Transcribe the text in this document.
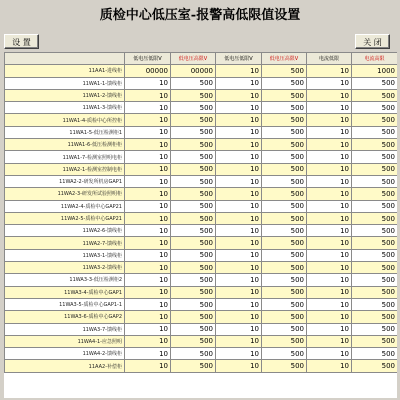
质检中心低压室-报警高低限值设置
设 置	关 闭
	低电压低限V	低电压高限V	低电压低限V	低电压高限V	电流低限	电流高限
11AA1-进线柜	00000	00000	10	500	10	1000
11WA1-1-馈线柜	10	500	10	500	10	500
11WA1-2-馈线柜	10	500	10	500	10	500
11WA1-3-馈线柜	10	500	10	500	10	500
11WA1-4-质检中心所控柜	10	500	10	500	10	500
11WA1-5-低压检测柜1	10	500	10	500	10	500
11WA1-6-低压检测柜柜	10	500	10	500	10	500
11WA1-7-检测室照明电柜	10	500	10	500	10	500
11WA2-1-检测室控制电柜	10	500	10	500	10	500
11WA2-2-研发所机房GAP1	10	500	10	500	10	500
11WA2-3-研发所试验照明柜	10	500	10	500	10	500
11WA2-4-质检中心GAP21	10	500	10	500	10	500
11WA2-5-质检中心GAP21	10	500	10	500	10	500
11WA2-6-馈线柜	10	500	10	500	10	500
11WA2-7-馈线柜	10	500	10	500	10	500
11WA3-1-馈线柜	10	500	10	500	10	500
11WA3-2-馈线柜	10	500	10	500	10	500
11WA3-3-低压检测柜2	10	500	10	500	10	500
11WA3-4-质检中心GAP1	10	500	10	500	10	500
11WA3-5-质检中心GAP1-1	10	500	10	500	10	500
11WA3-6-质检中心GAP2	10	500	10	500	10	500
11WA3-7-馈线柜	10	500	10	500	10	500
11WA4-1-应急照明	10	500	10	500	10	500
11WA4-2-馈线柜	10	500	10	500	10	500
11AA2-补偿柜	10	500	10	500	10	500
